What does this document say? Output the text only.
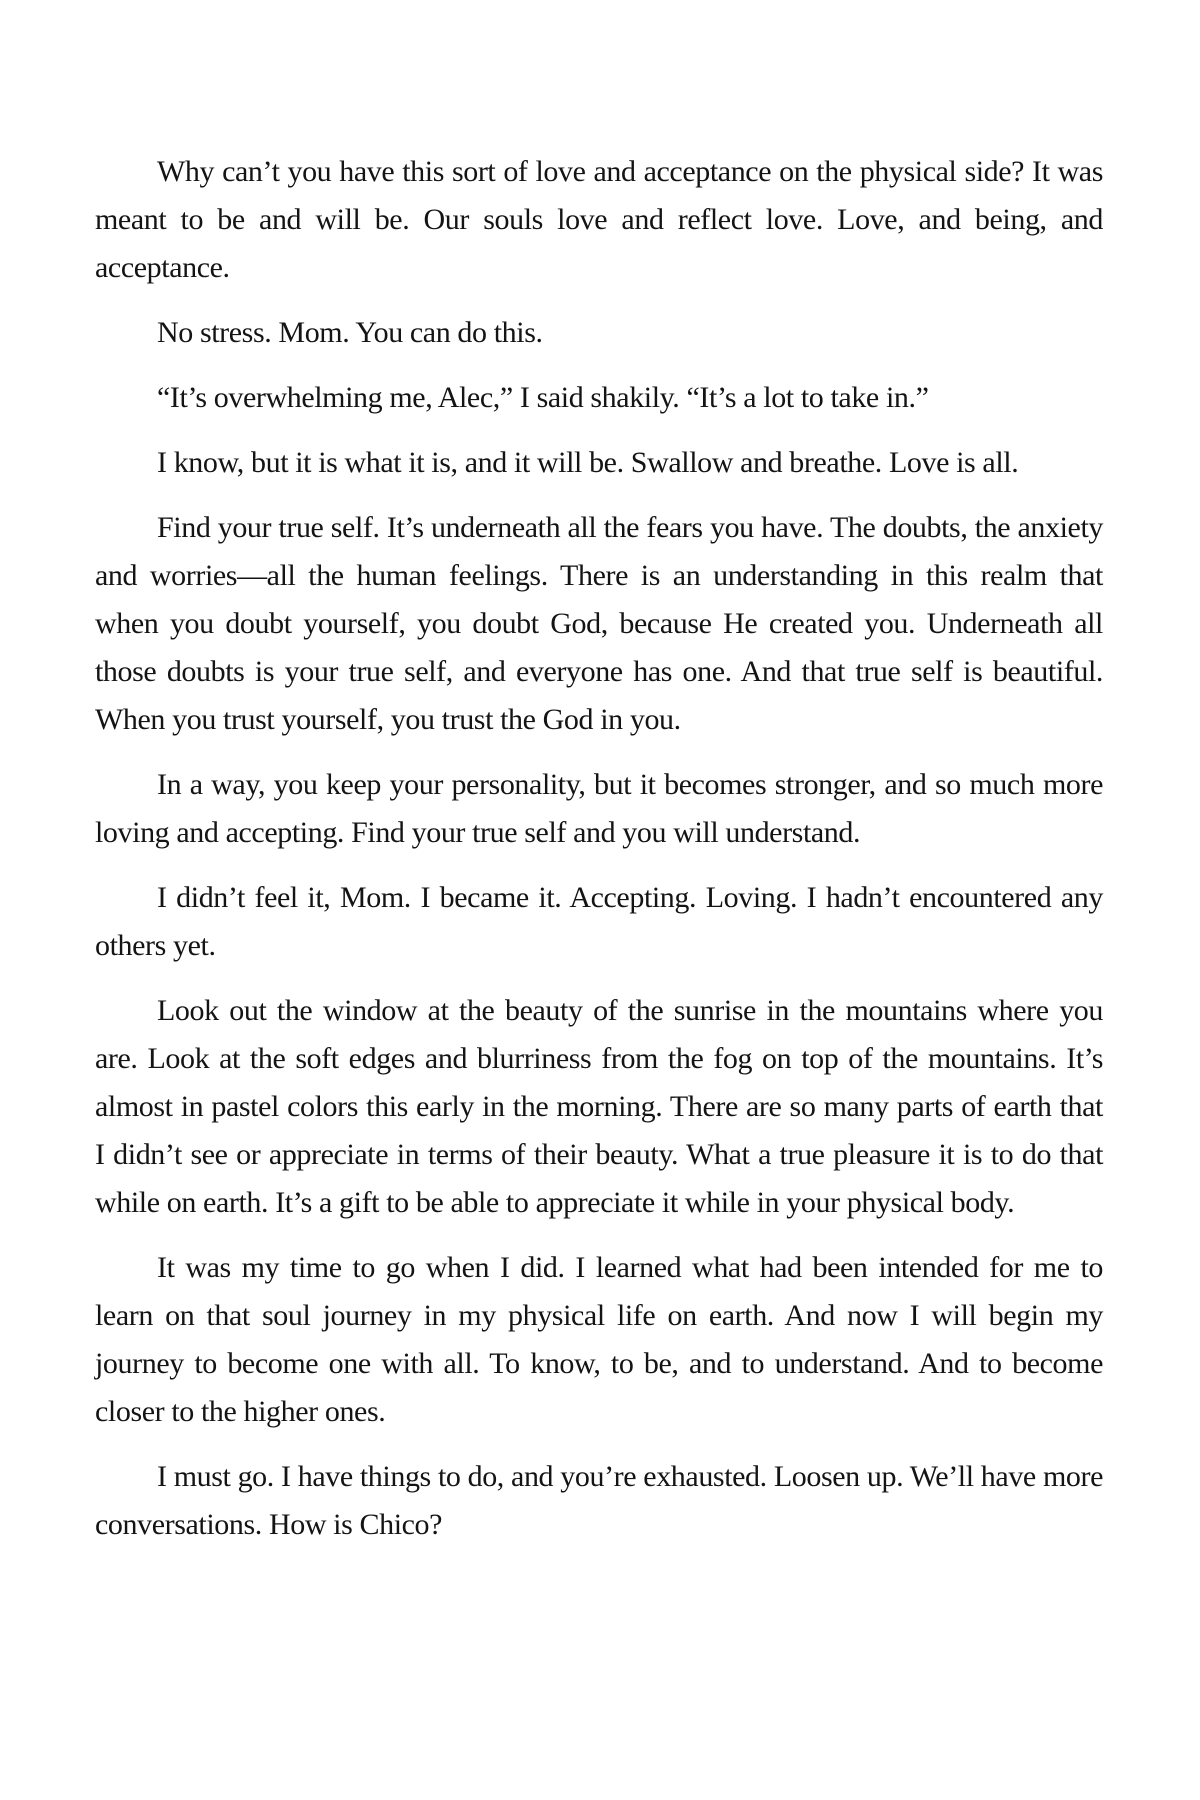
Why can’t you have this sort of love and acceptance on the physical side? It was meant to be and will be. Our souls love and reflect love. Love, and being, and acceptance.

No stress. Mom. You can do this.

“It’s overwhelming me, Alec,” I said shakily. “It’s a lot to take in.”

I know, but it is what it is, and it will be. Swallow and breathe. Love is all.

Find your true self. It’s underneath all the fears you have. The doubts, the anxiety and worries—all the human feelings. There is an understanding in this realm that when you doubt yourself, you doubt God, because He created you. Underneath all those doubts is your true self, and everyone has one. And that true self is beautiful. When you trust yourself, you trust the God in you.

In a way, you keep your personality, but it becomes stronger, and so much more loving and accepting. Find your true self and you will understand.

I didn’t feel it, Mom. I became it. Accepting. Loving. I hadn’t encountered any others yet.

Look out the window at the beauty of the sunrise in the mountains where you are. Look at the soft edges and blurriness from the fog on top of the mountains. It’s almost in pastel colors this early in the morning. There are so many parts of earth that I didn’t see or appreciate in terms of their beauty. What a true pleasure it is to do that while on earth. It’s a gift to be able to appreciate it while in your physical body.

It was my time to go when I did. I learned what had been intended for me to learn on that soul journey in my physical life on earth. And now I will begin my journey to become one with all. To know, to be, and to understand. And to become closer to the higher ones.

I must go. I have things to do, and you’re exhausted. Loosen up. We’ll have more conversations. How is Chico?
